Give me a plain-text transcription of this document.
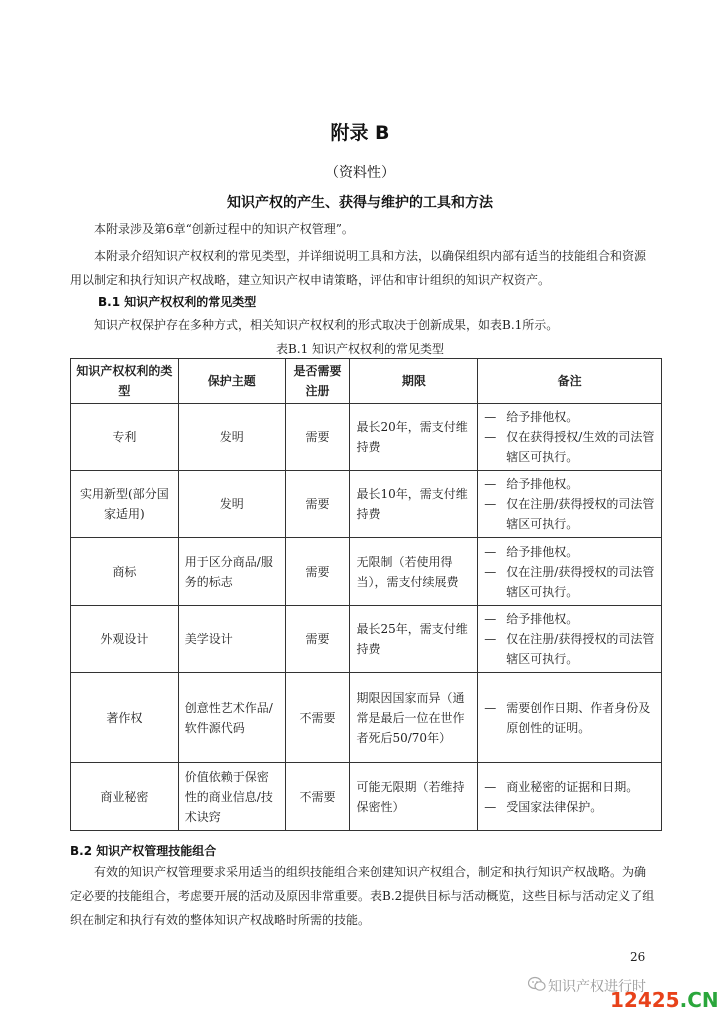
附录 B
（资料性）
知识产权的产生、获得与维护的工具和方法
本附录涉及第6章“创新过程中的知识产权管理”。
本附录介绍知识产权权利的常见类型，并详细说明工具和方法，以确保组织内部有适当的技能组合和资源用以制定和执行知识产权战略，建立知识产权申请策略，评估和审计组织的知识产权资产。
B.1 知识产权权利的常见类型
知识产权保护存在多种方式，相关知识产权权利的形式取决于创新成果，如表B.1所示。
表B.1 知识产权权利的常见类型
知识产权权利的类型	保护主题	是否需要注册	期限	备注
专利	发明	需要	最长20年，需支付维持费	— 给予排他权。
— 仅在获得授权/生效的司法管辖区可执行。

实用新型(部分国家适用)	发明	需要	最长10年，需支付维持费	— 给予排他权。
— 仅在注册/获得授权的司法管辖区可执行。

商标	用于区分商品/服务的标志	需要	无限制（若使用得当），需支付续展费	— 给予排他权。
— 仅在注册/获得授权的司法管辖区可执行。

外观设计	美学设计	需要	最长25年，需支付维持费	— 给予排他权。
— 仅在注册/获得授权的司法管辖区可执行。

著作权	创意性艺术作品/ 软件源代码	不需要	期限因国家而异（通常是最后一位在世作者死后50/70年）	— 需要创作日期、作者身份及原创性的证明。

商业秘密	价值依赖于保密性的商业信息/技术诀窍	不需要	可能无限期（若维持保密性）	— 商业秘密的证据和日期。
— 受国家法律保护。
B.2 知识产权管理技能组合
有效的知识产权管理要求采用适当的组织技能组合来创建知识产权组合，制定和执行知识产权战略。为确定必要的技能组合，考虑要开展的活动及原因非常重要。表B.2提供目标与活动概览，这些目标与活动定义了组织在制定和执行有效的整体知识产权战略时所需的技能。
26
知识产权进行时
12425.CN
